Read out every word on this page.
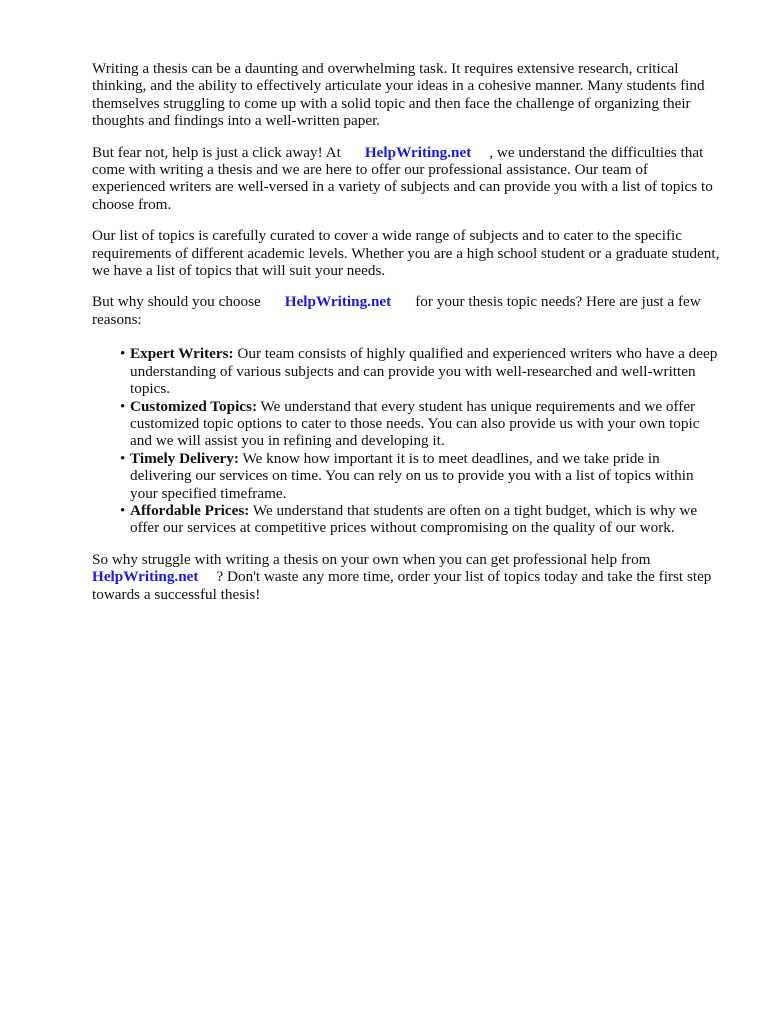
Writing a thesis can be a daunting and overwhelming task. It requires extensive research, critical thinking, and the ability to effectively articulate your ideas in a cohesive manner. Many students find themselves struggling to come up with a solid topic and then face the challenge of organizing their thoughts and findings into a well-written paper.

But fear not, help is just a click away! At HelpWriting.net , we understand the difficulties that come with writing a thesis and we are here to offer our professional assistance. Our team of experienced writers are well-versed in a variety of subjects and can provide you with a list of topics to choose from.

Our list of topics is carefully curated to cover a wide range of subjects and to cater to the specific requirements of different academic levels. Whether you are a high school student or a graduate student, we have a list of topics that will suit your needs.

But why should you choose HelpWriting.net for your thesis topic needs? Here are just a few reasons:

• Expert Writers: Our team consists of highly qualified and experienced writers who have a deep understanding of various subjects and can provide you with well-researched and well-written topics.
• Customized Topics: We understand that every student has unique requirements and we offer customized topic options to cater to those needs. You can also provide us with your own topic and we will assist you in refining and developing it.
• Timely Delivery: We know how important it is to meet deadlines, and we take pride in delivering our services on time. You can rely on us to provide you with a list of topics within your specified timeframe.
• Affordable Prices: We understand that students are often on a tight budget, which is why we offer our services at competitive prices without compromising on the quality of our work.

So why struggle with writing a thesis on your own when you can get professional help from HelpWriting.net ? Don't waste any more time, order your list of topics today and take the first step towards a successful thesis!
